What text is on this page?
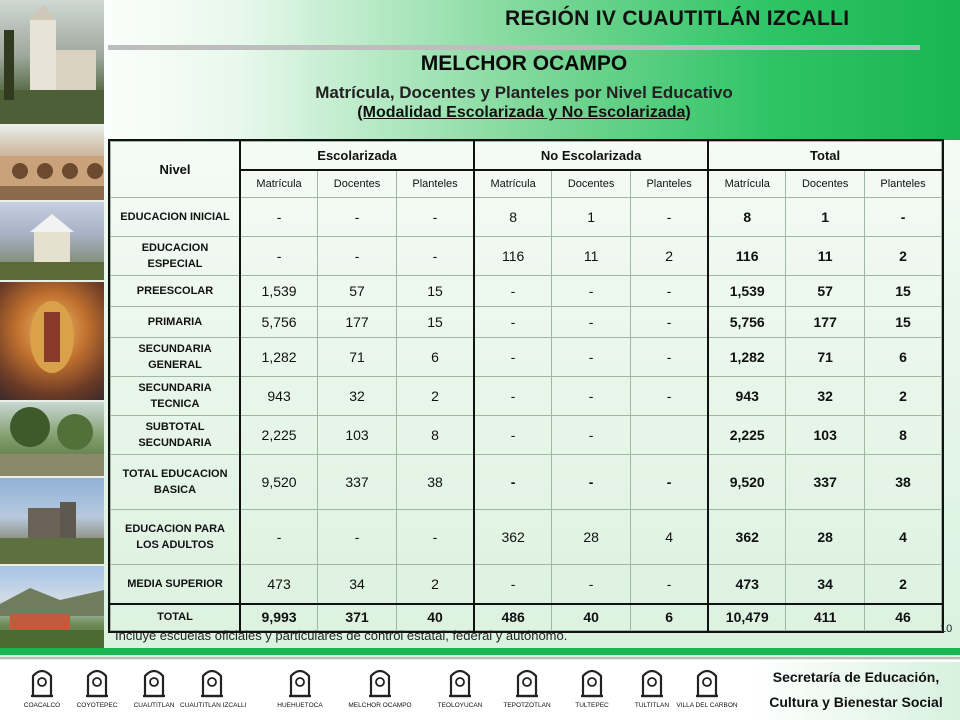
REGIÓN IV CUAUTITLÁN IZCALLI
MELCHOR OCAMPO
Matrícula, Docentes y Planteles por Nivel Educativo
(Modalidad Escolarizada y No Escolarizada)
Nivel	Escolarizada			No Escolarizada			Total		
	Matrícula	Docentes	Planteles	Matrícula	Docentes	Planteles	Matrícula	Docentes	Planteles
EDUCACION INICIAL	-	-	-	8	1	-	8	1	-
EDUCACION ESPECIAL	-	-	-	116	11	2	116	11	2
PREESCOLAR	1,539	57	15	-	-	-	1,539	57	15
PRIMARIA	5,756	177	15	-	-	-	5,756	177	15
SECUNDARIA GENERAL	1,282	71	6	-	-	-	1,282	71	6
SECUNDARIA TECNICA	943	32	2	-	-	-	943	32	2
SUBTOTAL SECUNDARIA	2,225	103	8	-	-		2,225	103	8
TOTAL EDUCACION BASICA	9,520	337	38	-	-	-	9,520	337	38
EDUCACION PARA LOS ADULTOS	-	-	-	362	28	4	362	28	4
MEDIA SUPERIOR	473	34	2	-	-	-	473	34	2
TOTAL	9,993	371	40	486	40	6	10,479	411	46
Incluye escuelas oficiales y particulares de control estatal, federal y autónomo.	10
COACALCO	COYOTEPEC	CUAUTITLAN CUAUTITLAN IZCALLI	HUEHUETOCA	MELCHOR OCAMPO	TEOLOYUCAN	TEPOTZOTLAN	TULTEPEC	TULTITLAN	VILLA DEL CARBON
Secretaría de Educación,
Cultura y Bienestar Social
